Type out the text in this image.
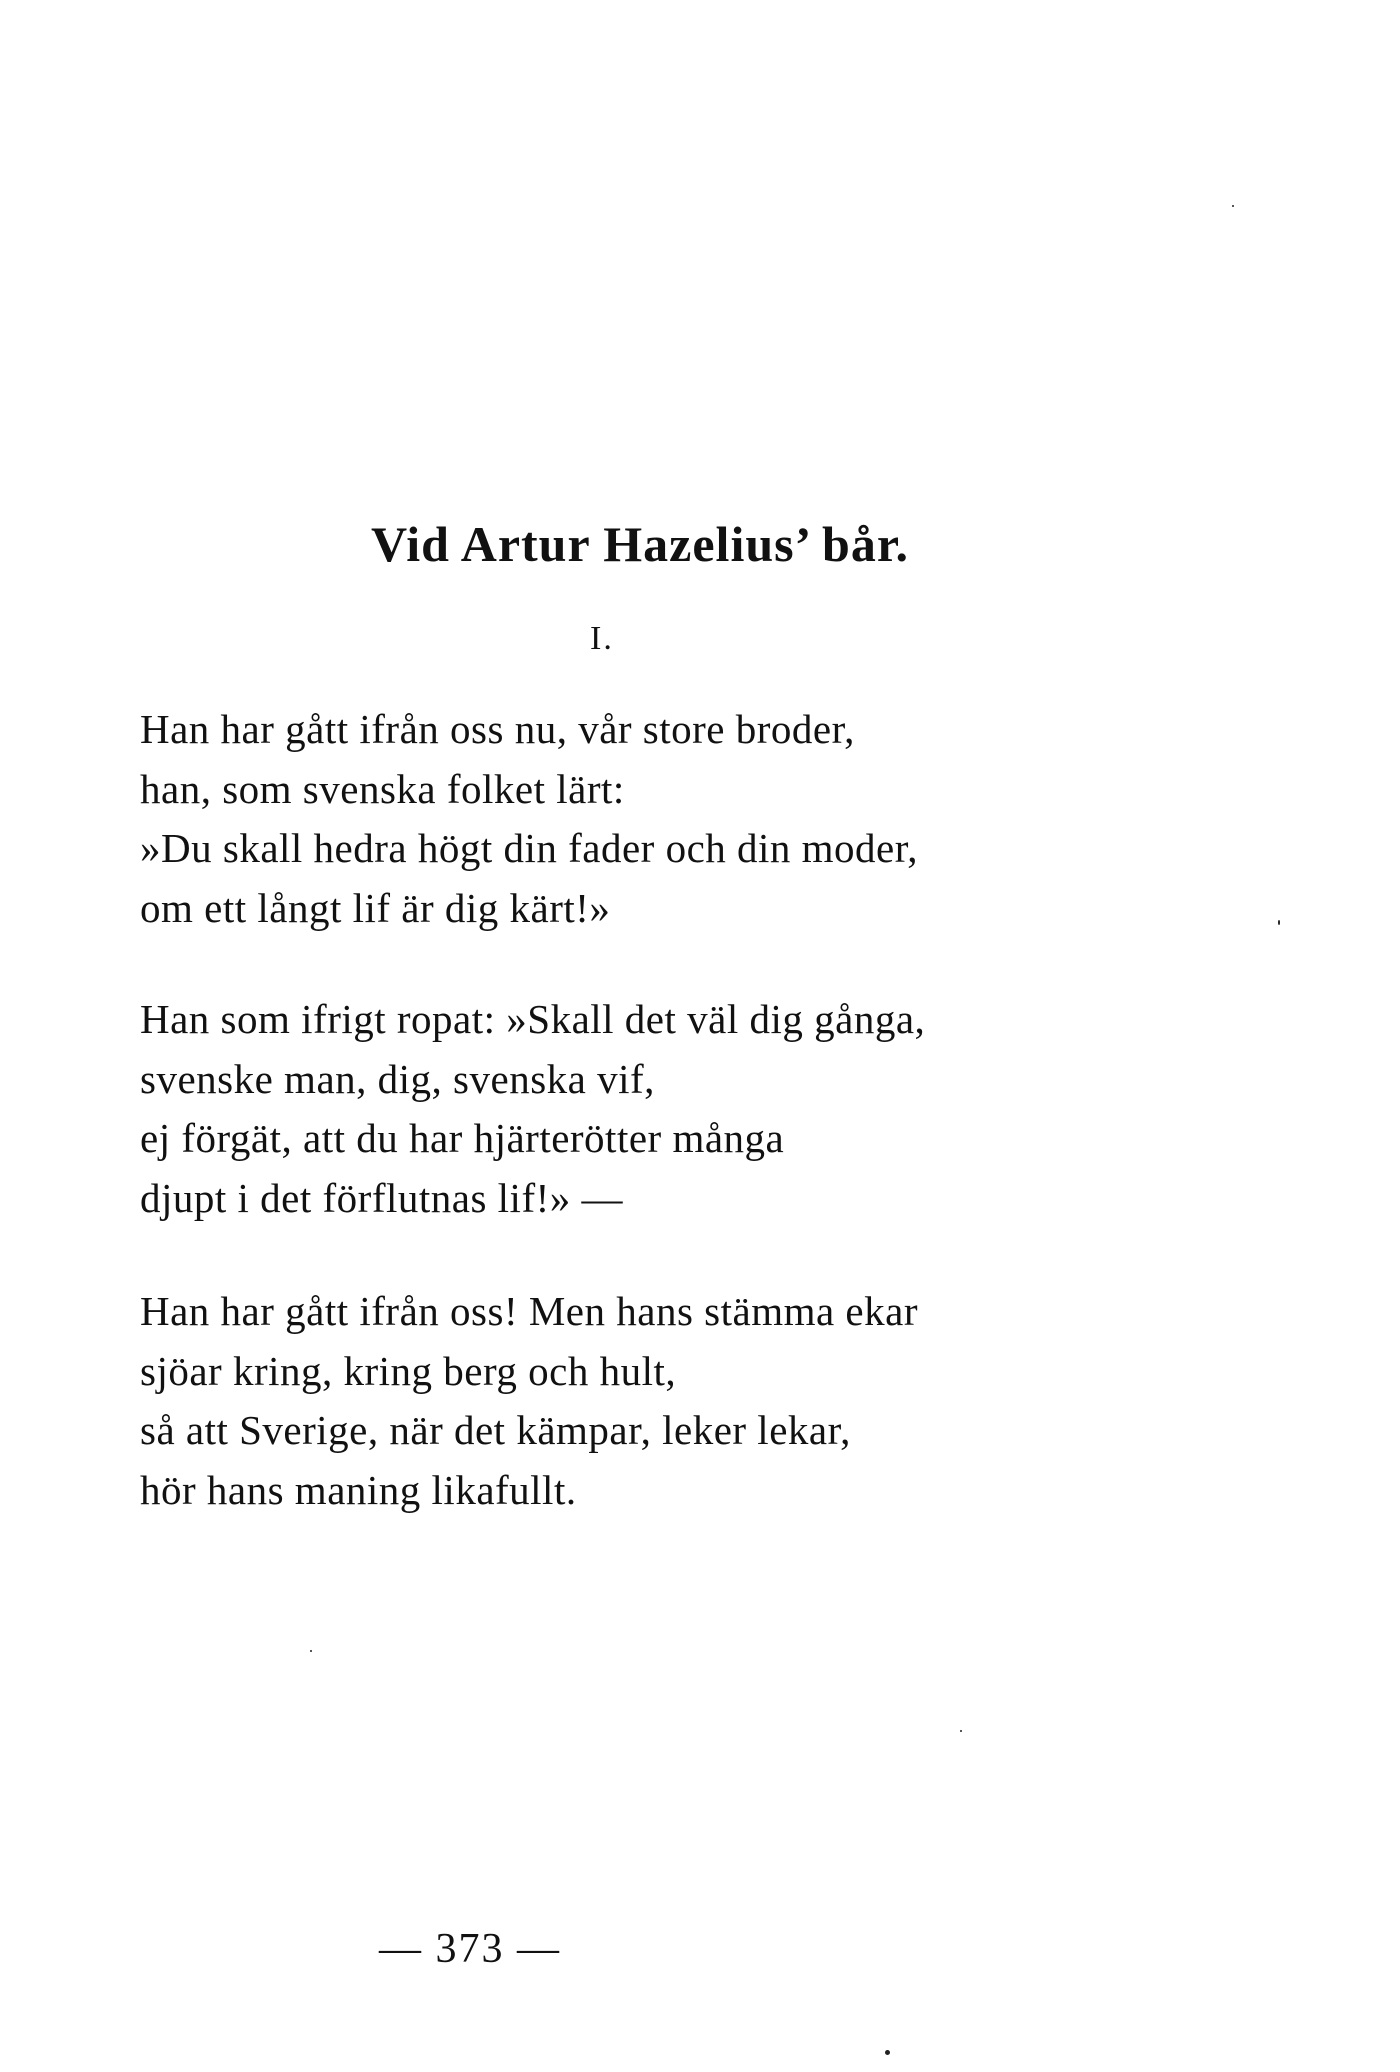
Vid Artur Hazelius’ bår.
I.
Han har gått ifrån oss nu, vår store broder,
han, som svenska folket lärt:
»Du skall hedra högt din fader och din moder,
om ett långt lif är dig kärt!»
Han som ifrigt ropat: »Skall det väl dig gånga,
svenske man, dig, svenska vif,
ej förgät, att du har hjärterötter många
djupt i det förflutnas lif!» —
Han har gått ifrån oss! Men hans stämma ekar
sjöar kring, kring berg och hult,
så att Sverige, när det kämpar, leker lekar,
hör hans maning likafullt.
— 373 —
